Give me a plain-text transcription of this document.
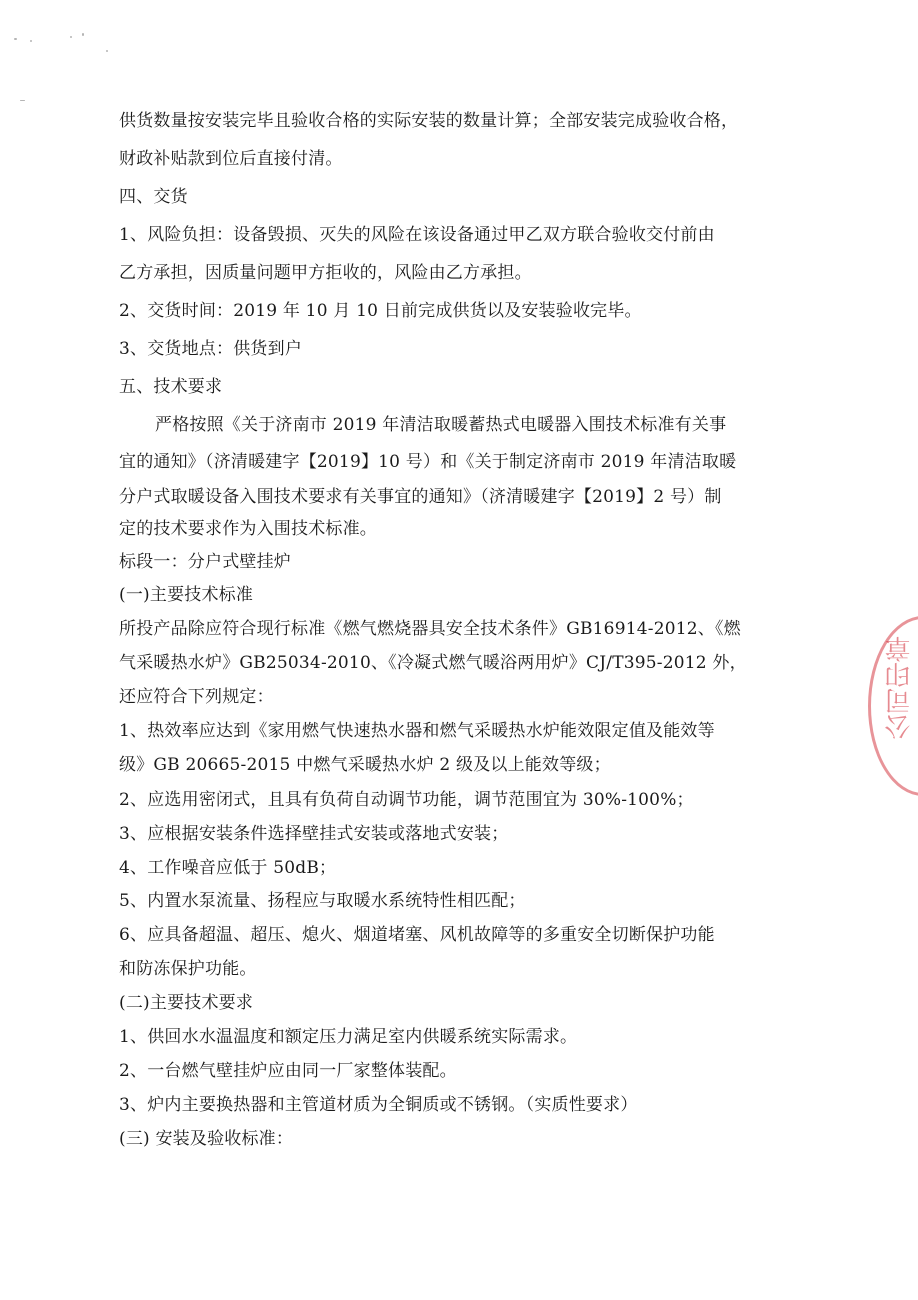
供货数量按安装完毕且验收合格的实际安装的数量计算；全部安装完成验收合格，
财政补贴款到位后直接付清。
四、交货
1、风险负担：设备毁损、灭失的风险在该设备通过甲乙双方联合验收交付前由
乙方承担，因质量问题甲方拒收的，风险由乙方承担。
2、交货时间：2019 年 10 月 10 日前完成供货以及安装验收完毕。
3、交货地点：供货到户
五、技术要求
严格按照《关于济南市 2019 年清洁取暖蓄热式电暖器入围技术标准有关事
宜的通知》（济清暖建字【2019】10 号）和《关于制定济南市 2019 年清洁取暖
分户式取暖设备入围技术要求有关事宜的通知》（济清暖建字【2019】2 号）制
定的技术要求作为入围技术标准。
标段一：分户式壁挂炉
(一)主要技术标准
所投产品除应符合现行标准《燃气燃烧器具安全技术条件》GB16914-2012、《燃
气采暖热水炉》GB25034-2010、《冷凝式燃气暖浴两用炉》CJ/T395-2012 外，
还应符合下列规定：
1、热效率应达到《家用燃气快速热水器和燃气采暖热水炉能效限定值及能效等
级》GB 20665-2015 中燃气采暖热水炉 2 级及以上能效等级；
2、应选用密闭式，且具有负荷自动调节功能，调节范围宜为 30%-100%；
3、应根据安装条件选择壁挂式安装或落地式安装；
4、工作噪音应低于 50dB；
5、内置水泵流量、扬程应与取暖水系统特性相匹配；
6、应具备超温、超压、熄火、烟道堵塞、风机故障等的多重安全切断保护功能
和防冻保护功能。
(二)主要技术要求
1、供回水水温温度和额定压力满足室内供暖系统实际需求。
2、一台燃气壁挂炉应由同一厂家整体装配。
3、炉内主要换热器和主管道材质为全铜质或不锈钢。（实质性要求）
(三) 安装及验收标准：
公司印章
